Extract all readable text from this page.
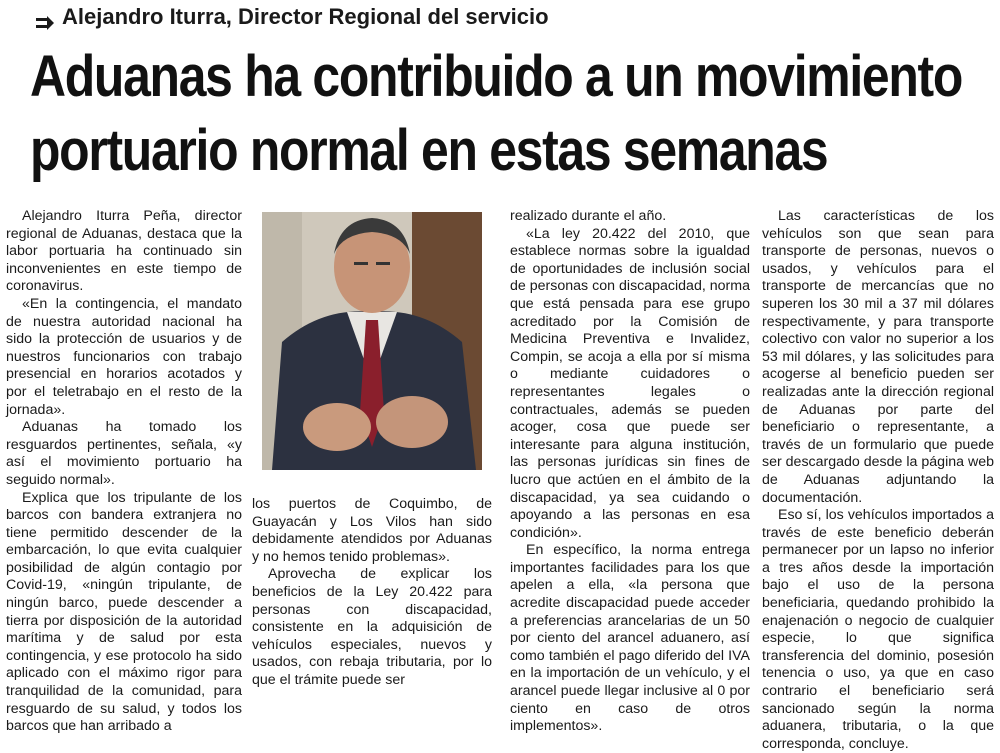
Alejandro Iturra, Director Regional del servicio
Aduanas ha contribuido a un movimiento
portuario normal en estas semanas

Alejandro Iturra Peña, director regional de Aduanas, destaca que la labor portuaria ha continuado sin inconvenientes en este tiempo de coronavirus.

«En la contingencia, el mandato de nuestra autoridad nacional ha sido la protección de usuarios y de nuestros funcionarios con trabajo presencial en horarios acotados y por el teletrabajo en el resto de la jornada».

Aduanas ha tomado los resguardos pertinentes, señala, «y así el movimiento portuario ha seguido normal».

Explica que los tripulante de los barcos con bandera extranjera no tiene permitido descender de la embarcación, lo que evita cualquier posibilidad de algún contagio por Covid-19, «ningún tripulante, de ningún barco, puede descender a tierra por disposición de la autoridad marítima y de salud por esta contingencia, y ese protocolo ha sido aplicado con el máximo rigor para tranquilidad de la comunidad, para resguardo de su salud, y todos los barcos que han arribado a

los puertos de Coquimbo, de Guayacán y Los Vilos han sido debidamente atendidos por Aduanas y no hemos tenido problemas».

Aprovecha de explicar los beneficios de la Ley 20.422 para personas con discapacidad, consistente en la adquisición de vehículos especiales, nuevos y usados, con rebaja tributaria, por lo que el trámite puede ser

realizado durante el año.

«La ley 20.422 del 2010, que establece normas sobre la igualdad de oportunidades de inclusión social de personas con discapacidad, norma que está pensada para ese grupo acreditado por la Comisión de Medicina Preventiva e Invalidez, Compin, se acoja a ella por sí misma o mediante cuidadores o representantes legales o contractuales, además se pueden acoger, cosa que puede ser interesante para alguna institución, las personas jurídicas sin fines de lucro que actúen en el ámbito de la discapacidad, ya sea cuidando o apoyando a las personas en esa condición».

En específico, la norma entrega importantes facilidades para los que apelen a ella, «la persona que acredite discapacidad puede acceder a preferencias arancelarias de un 50 por ciento del arancel aduanero, así como también el pago diferido del IVA en la importación de un vehículo, y el arancel puede llegar inclusive al 0 por ciento en caso de otros implementos».

Las características de los vehículos son que sean para transporte de personas, nuevos o usados, y vehículos para el transporte de mercancías que no superen los 30 mil a 37 mil dólares respectivamente, y para transporte colectivo con valor no superior a los 53 mil dólares, y las solicitudes para acogerse al beneficio pueden ser realizadas ante la dirección regional de Aduanas por parte del beneficiario o representante, a través de un formulario que puede ser descargado desde la página web de Aduanas adjuntando la documentación.

Eso sí, los vehículos importados a través de este beneficio deberán permanecer por un lapso no inferior a tres años desde la importación bajo el uso de la persona beneficiaria, quedando prohibido la enajenación o negocio de cualquier especie, lo que significa transferencia del dominio, posesión tenencia o uso, ya que en caso contrario el beneficiario será sancionado según la norma aduanera, tributaria, o la que corresponda, concluye.
